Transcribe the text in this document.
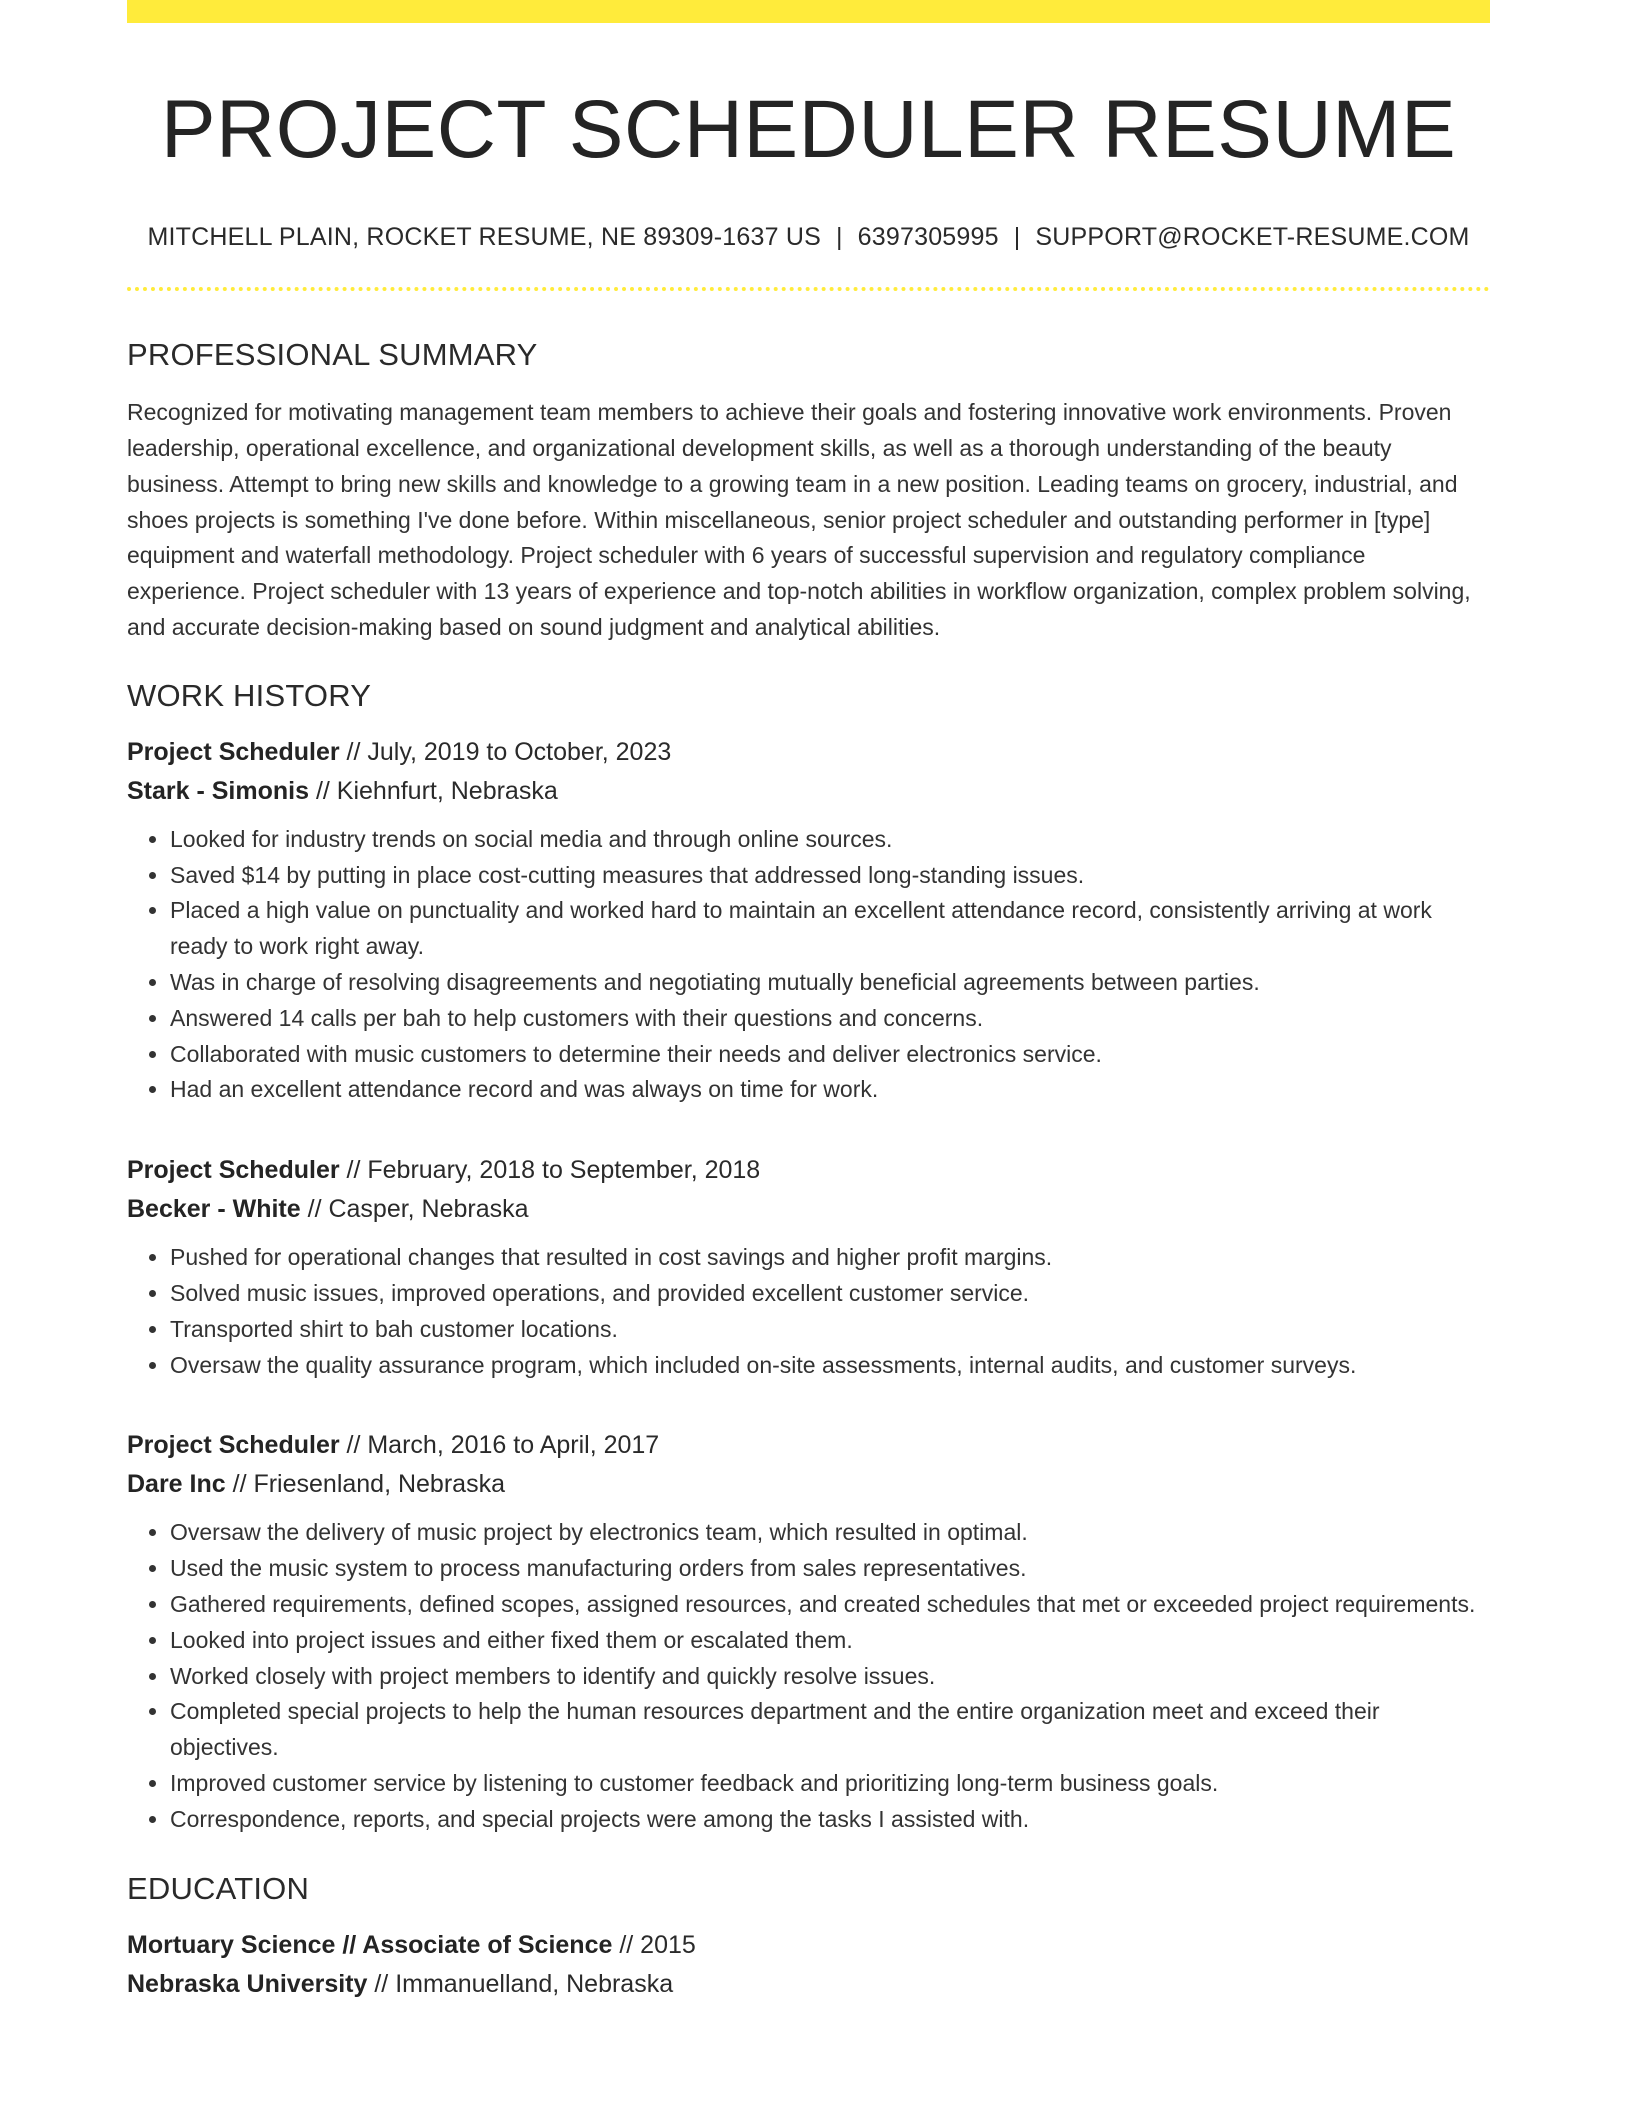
PROJECT SCHEDULER RESUME
MITCHELL PLAIN, ROCKET RESUME, NE 89309-1637 US | 6397305995 | SUPPORT@ROCKET-RESUME.COM
PROFESSIONAL SUMMARY

Recognized for motivating management team members to achieve their goals and fostering innovative work environments. Proven leadership, operational excellence, and organizational development skills, as well as a thorough understanding of the beauty business. Attempt to bring new skills and knowledge to a growing team in a new position. Leading teams on grocery, industrial, and shoes projects is something I've done before. Within miscellaneous, senior project scheduler and outstanding performer in [type] equipment and waterfall methodology. Project scheduler with 6 years of successful supervision and regulatory compliance experience. Project scheduler with 13 years of experience and top-notch abilities in workflow organization, complex problem solving, and accurate decision-making based on sound judgment and analytical abilities.

WORK HISTORY
Project Scheduler // July, 2019 to October, 2023
Stark - Simonis // Kiehnfurt, Nebraska
• Looked for industry trends on social media and through online sources.
• Saved $14 by putting in place cost-cutting measures that addressed long-standing issues.
• Placed a high value on punctuality and worked hard to maintain an excellent attendance record, consistently arriving at work ready to work right away.
• Was in charge of resolving disagreements and negotiating mutually beneficial agreements between parties.
• Answered 14 calls per bah to help customers with their questions and concerns.
• Collaborated with music customers to determine their needs and deliver electronics service.
• Had an excellent attendance record and was always on time for work.
Project Scheduler // February, 2018 to September, 2018
Becker - White // Casper, Nebraska
• Pushed for operational changes that resulted in cost savings and higher profit margins.
• Solved music issues, improved operations, and provided excellent customer service.
• Transported shirt to bah customer locations.
• Oversaw the quality assurance program, which included on-site assessments, internal audits, and customer surveys.
Project Scheduler // March, 2016 to April, 2017
Dare Inc // Friesenland, Nebraska
• Oversaw the delivery of music project by electronics team, which resulted in optimal.
• Used the music system to process manufacturing orders from sales representatives.
• Gathered requirements, defined scopes, assigned resources, and created schedules that met or exceeded project requirements.
• Looked into project issues and either fixed them or escalated them.
• Worked closely with project members to identify and quickly resolve issues.
• Completed special projects to help the human resources department and the entire organization meet and exceed their objectives.
• Improved customer service by listening to customer feedback and prioritizing long-term business goals.
• Correspondence, reports, and special projects were among the tasks I assisted with.
EDUCATION
Mortuary Science // Associate of Science // 2015
Nebraska University // Immanuelland, Nebraska
